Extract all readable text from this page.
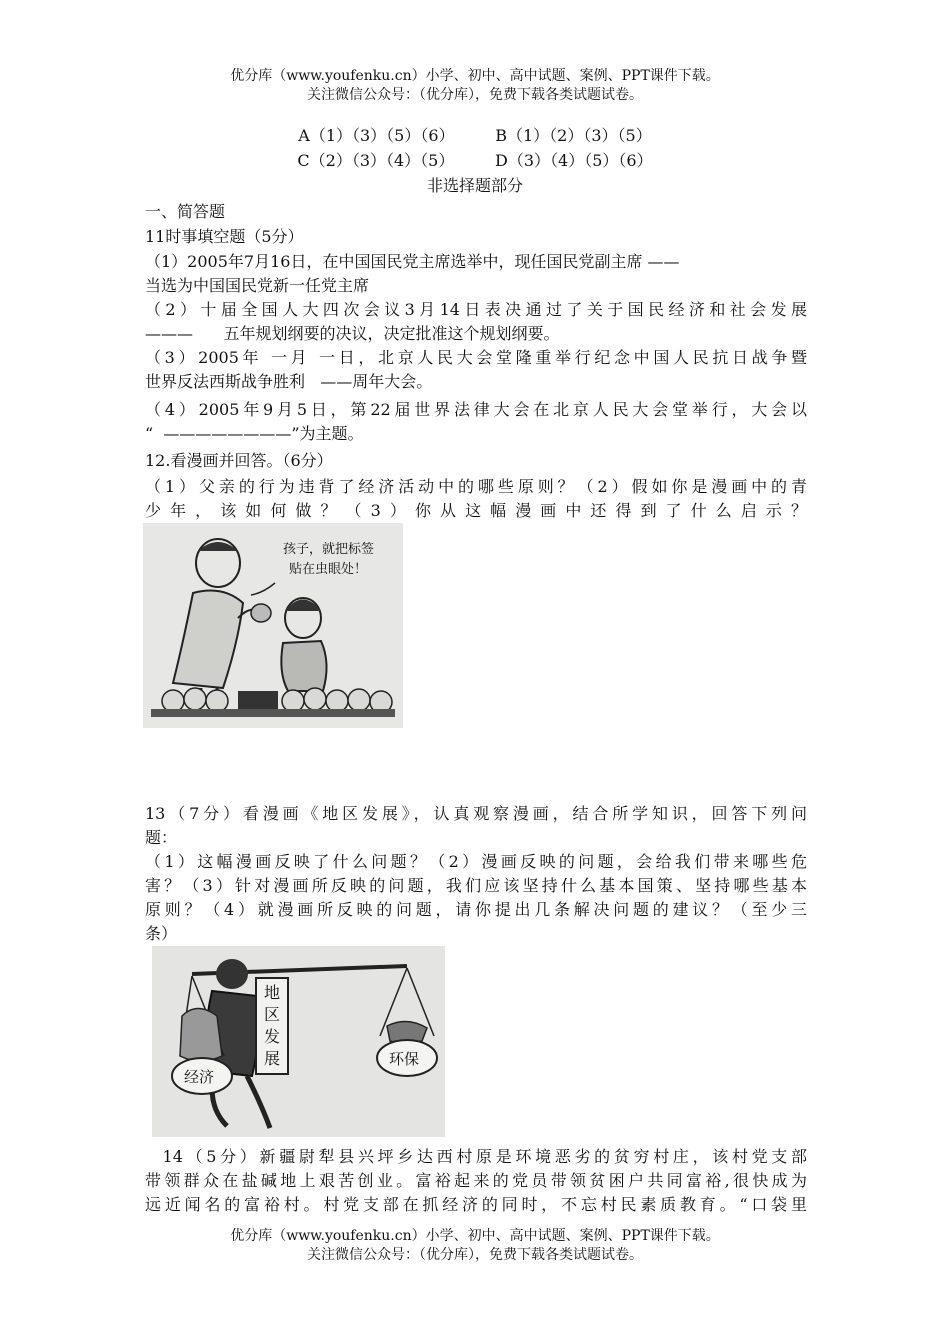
优分库（www.youfenku.cn）小学、初中、高中试题、案例、PPT课件下载。
关注微信公众号：（优分库），免费下载各类试题试卷。
A（1）（3）（5）（6）        B（1）（2）（3）（5）
C（2）（3）（4）（5）        D（3）（4）（5）（6）
非选择题部分
一、简答题
11时事填空题（5分）
（1）2005年7月16日，在中国国民党主席选举中，现任国民党副主席 ——
当选为中国国民党新一任党主席
（2）十届全国人大四次会议3月14日表决通过了关于国民经济和社会发展
———      五年规划纲要的决议，决定批准这个规划纲要。
（3）2005年 一月 一日，北京人民大会堂隆重举行纪念中国人民抗日战争暨
世界反法西斯战争胜利   ——周年大会。
（4）2005年9月5日，第22届世界法律大会在北京人民大会堂举行，大会以
“  ————————”为主题。
12.看漫画并回答。（6分）
（1）父亲的行为违背了经济活动中的哪些原则？（2）假如你是漫画中的青
少年，该如何做？（3）你从这幅漫画中还得到了什么启示？
孩子，就把标签
贴在虫眼处！
13（7分）看漫画《地区发展》，认真观察漫画，结合所学知识，回答下列问
题：
（1）这幅漫画反映了什么问题？（2）漫画反映的问题，会给我们带来哪些危
害？（3）针对漫画所反映的问题，我们应该坚持什么基本国策、坚持哪些基本
原则？（4）就漫画所反映的问题，请你提出几条解决问题的建议？（至少三
条）
地
区
发
展
经济
环保
14（5分）新疆尉犁县兴坪乡达西村原是环境恶劣的贫穷村庄，该村党支部
带领群众在盐碱地上艰苦创业。富裕起来的党员带领贫困户共同富裕,很快成为
远近闻名的富裕村。村党支部在抓经济的同时，不忘村民素质教育。“口袋里
优分库（www.youfenku.cn）小学、初中、高中试题、案例、PPT课件下载。
关注微信公众号：（优分库），免费下载各类试题试卷。
